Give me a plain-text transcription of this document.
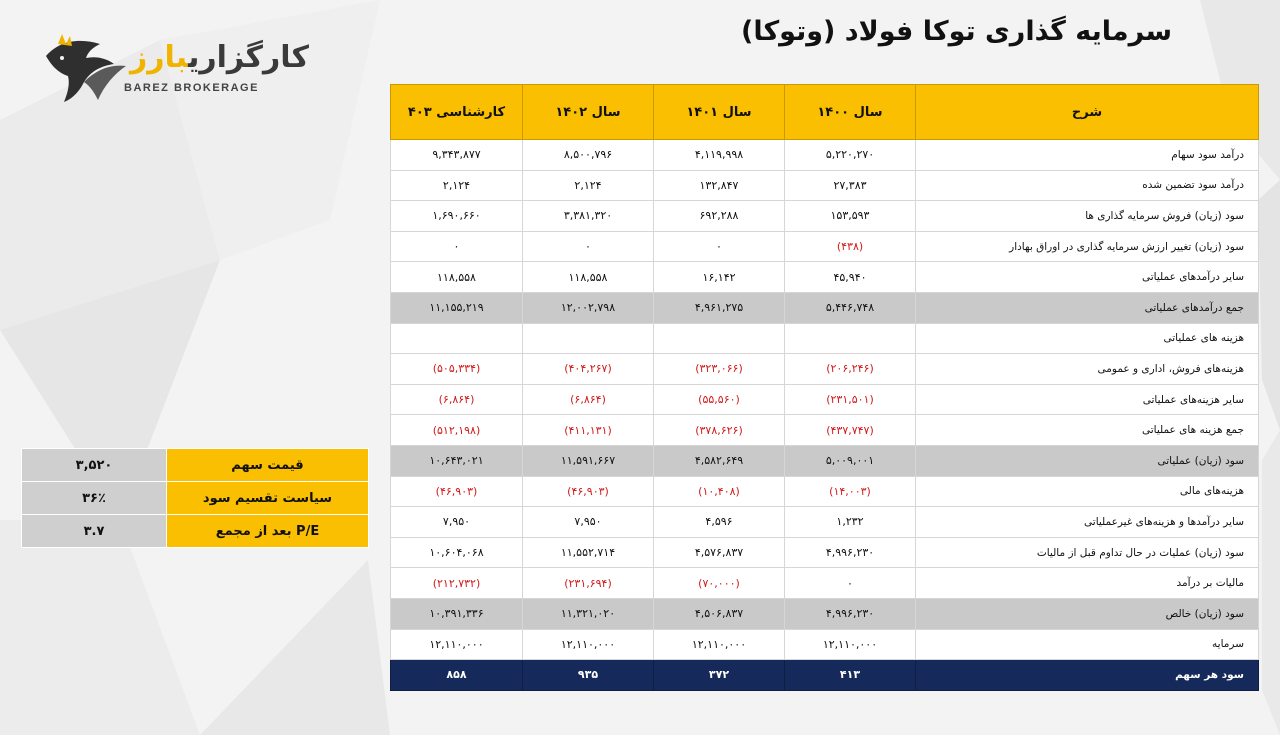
کارگزاریبارز
BAREZ BROKERAGE
سرمایه گذاری توکا فولاد (وتوکا)
شرح	سال ۱۴۰۰	سال ۱۴۰۱	سال ۱۴۰۲	کارشناسی ۴۰۳
درآمد سود سهام	۵,۲۲۰,۲۷۰	۴,۱۱۹,۹۹۸	۸,۵۰۰,۷۹۶	۹,۳۴۳,۸۷۷
درآمد سود تضمین شده	۲۷,۳۸۳	۱۳۲,۸۴۷	۲,۱۲۴	۲,۱۲۴
سود (زیان) فروش سرمایه گذاری ها	۱۵۳,۵۹۳	۶۹۲,۲۸۸	۳,۳۸۱,۳۲۰	۱,۶۹۰,۶۶۰
سود (زیان) تغییر ارزش سرمایه گذاری در اوراق بهادار	(۴۳۸)	۰	۰	۰
سایر درآمدهای عملیاتی	۴۵,۹۴۰	۱۶,۱۴۲	۱۱۸,۵۵۸	۱۱۸,۵۵۸
جمع درآمدهای عملیاتی	۵,۴۴۶,۷۴۸	۴,۹۶۱,۲۷۵	۱۲,۰۰۲,۷۹۸	۱۱,۱۵۵,۲۱۹
هزینه های عملیاتی				
هزینه‌های فروش، اداری و عمومی	(۲۰۶,۲۴۶)	(۳۲۳,۰۶۶)	(۴۰۴,۲۶۷)	(۵۰۵,۳۳۴)
سایر هزینه‌های عملیاتی	(۲۳۱,۵۰۱)	(۵۵,۵۶۰)	(۶,۸۶۴)	(۶,۸۶۴)
جمع هزینه های عملیاتی	(۴۳۷,۷۴۷)	(۳۷۸,۶۲۶)	(۴۱۱,۱۳۱)	(۵۱۲,۱۹۸)
سود (زیان) عملیاتی	۵,۰۰۹,۰۰۱	۴,۵۸۲,۶۴۹	۱۱,۵۹۱,۶۶۷	۱۰,۶۴۳,۰۲۱
هزینه‌های مالی	(۱۴,۰۰۳)	(۱۰,۴۰۸)	(۴۶,۹۰۳)	(۴۶,۹۰۳)
سایر درآمدها و هزینه‌های غیرعملیاتی	۱,۲۳۲	۴,۵۹۶	۷,۹۵۰	۷,۹۵۰
سود (زیان) عملیات در حال تداوم قبل از مالیات	۴,۹۹۶,۲۳۰	۴,۵۷۶,۸۳۷	۱۱,۵۵۲,۷۱۴	۱۰,۶۰۴,۰۶۸
مالیات بر درآمد	۰	(۷۰,۰۰۰)	(۲۳۱,۶۹۴)	(۲۱۲,۷۳۲)
سود (زیان) خالص	۴,۹۹۶,۲۳۰	۴,۵۰۶,۸۳۷	۱۱,۳۲۱,۰۲۰	۱۰,۳۹۱,۳۳۶
سرمایه	۱۲,۱۱۰,۰۰۰	۱۲,۱۱۰,۰۰۰	۱۲,۱۱۰,۰۰۰	۱۲,۱۱۰,۰۰۰
سود هر سهم	۴۱۳	۳۷۲	۹۳۵	۸۵۸
قیمت سهم	۳,۵۲۰
سیاست تقسیم سود	۳۶٪
P/E بعد از مجمع	۳.۷
